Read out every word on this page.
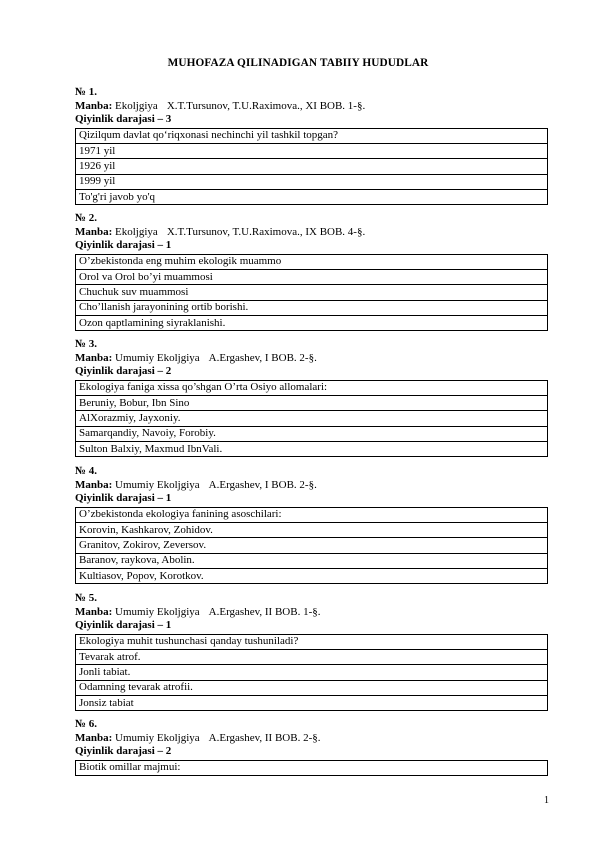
MUHOFAZA QILINADIGAN TABIIY HUDUDLAR
№ 1.
Manba: Ekoljgiya X.T.Tursunov, T.U.Raximova., XI BOB. 1-§.
Qiyinlik darajasi – 3
Qizilqum davlat qo‘riqxonasi nechinchi yil tashkil topgan?
1971 yil
1926 yil
1999 yil
To'g'ri javob yo'q
№ 2.
Manba: Ekoljgiya X.T.Tursunov, T.U.Raximova., IX BOB. 4-§.
Qiyinlik darajasi – 1
O’zbekistonda eng muhim ekologik muammo
Orol va Orol bo’yi muammosi
Chuchuk suv muammosi
Cho’llanish jarayonining ortib borishi.
Ozon qaptlamining siyraklanishi.
№ 3.
Manba: Umumiy Ekoljgiya A.Ergashev, I BOB. 2-§.
Qiyinlik darajasi – 2
Ekologiya faniga xissa qo’shgan O’rta Osiyo allomalari:
Beruniy, Bobur, Ibn Sino
AlXorazmiy, Jayxoniy.
Samarqandiy, Navoiy, Forobiy.
Sulton Balxiy, Maxmud IbnVali.
№ 4.
Manba: Umumiy Ekoljgiya A.Ergashev, I BOB. 2-§.
Qiyinlik darajasi – 1
O’zbekistonda ekologiya fanining asoschilari:
Korovin, Kashkarov, Zohidov.
Granitov, Zokirov, Zeversov.
Baranov, raykova, Abolin.
Kultiasov, Popov, Korotkov.
№ 5.
Manba: Umumiy Ekoljgiya A.Ergashev, II BOB. 1-§.
Qiyinlik darajasi – 1
Ekologiya muhit tushunchasi qanday tushuniladi?
Tevarak atrof.
Jonli tabiat.
Odamning tevarak atrofii.
Jonsiz tabiat
№ 6.
Manba: Umumiy Ekoljgiya A.Ergashev, II BOB. 2-§.
Qiyinlik darajasi – 2
Biotik omillar majmui:
1
